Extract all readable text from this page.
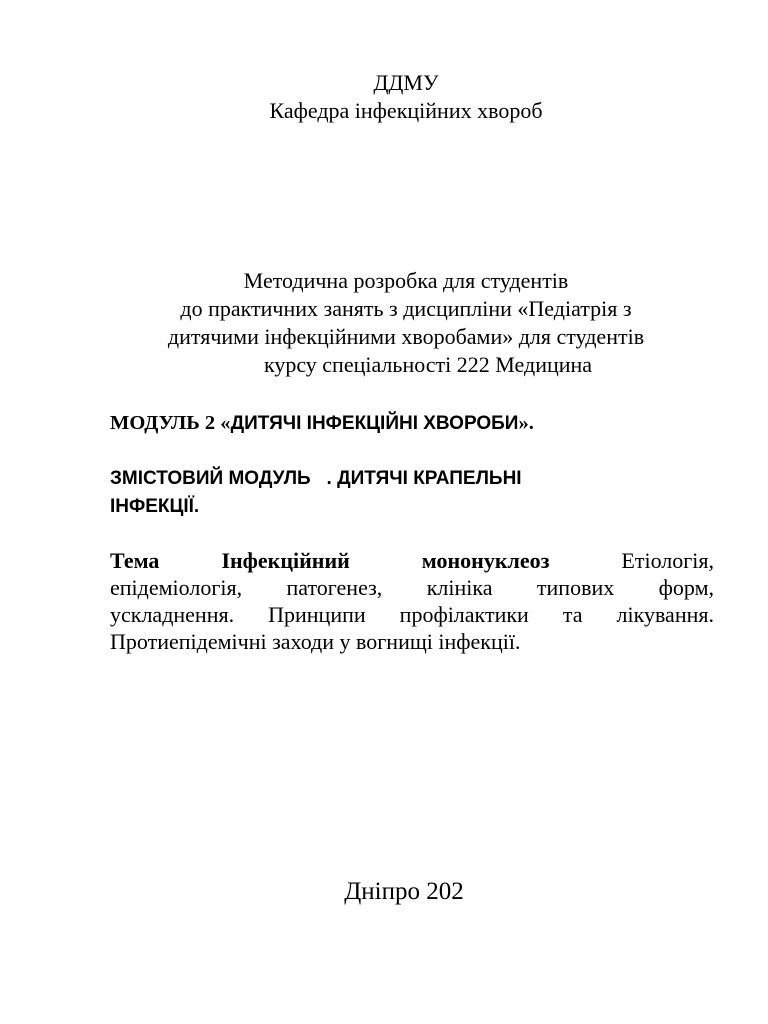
ДДМУ
Кафедра інфекційних хвороб
Методична розробка для студентів
до практичних занять з дисципліни «Педіатрія з
дитячими інфекційними хворобами» для студентів
курсу спеціальності 222 Медицина
МОДУЛЬ 2 «ДИТЯЧІ ІНФЕКЦІЙНІ ХВОРОБИ».
ЗМІСТОВИЙ МОДУЛЬ   . ДИТЯЧІ КРАПЕЛЬНІ
ІНФЕКЦІЇ.
Тема	Інфекційний мононуклеоз	Етіологія,
епідеміологія, патогенез, клініка типових форм,
ускладнення. Принципи профілактики та лікування.
Протиепідемічні заходи у вогнищі інфекції.
Дніпро 202
